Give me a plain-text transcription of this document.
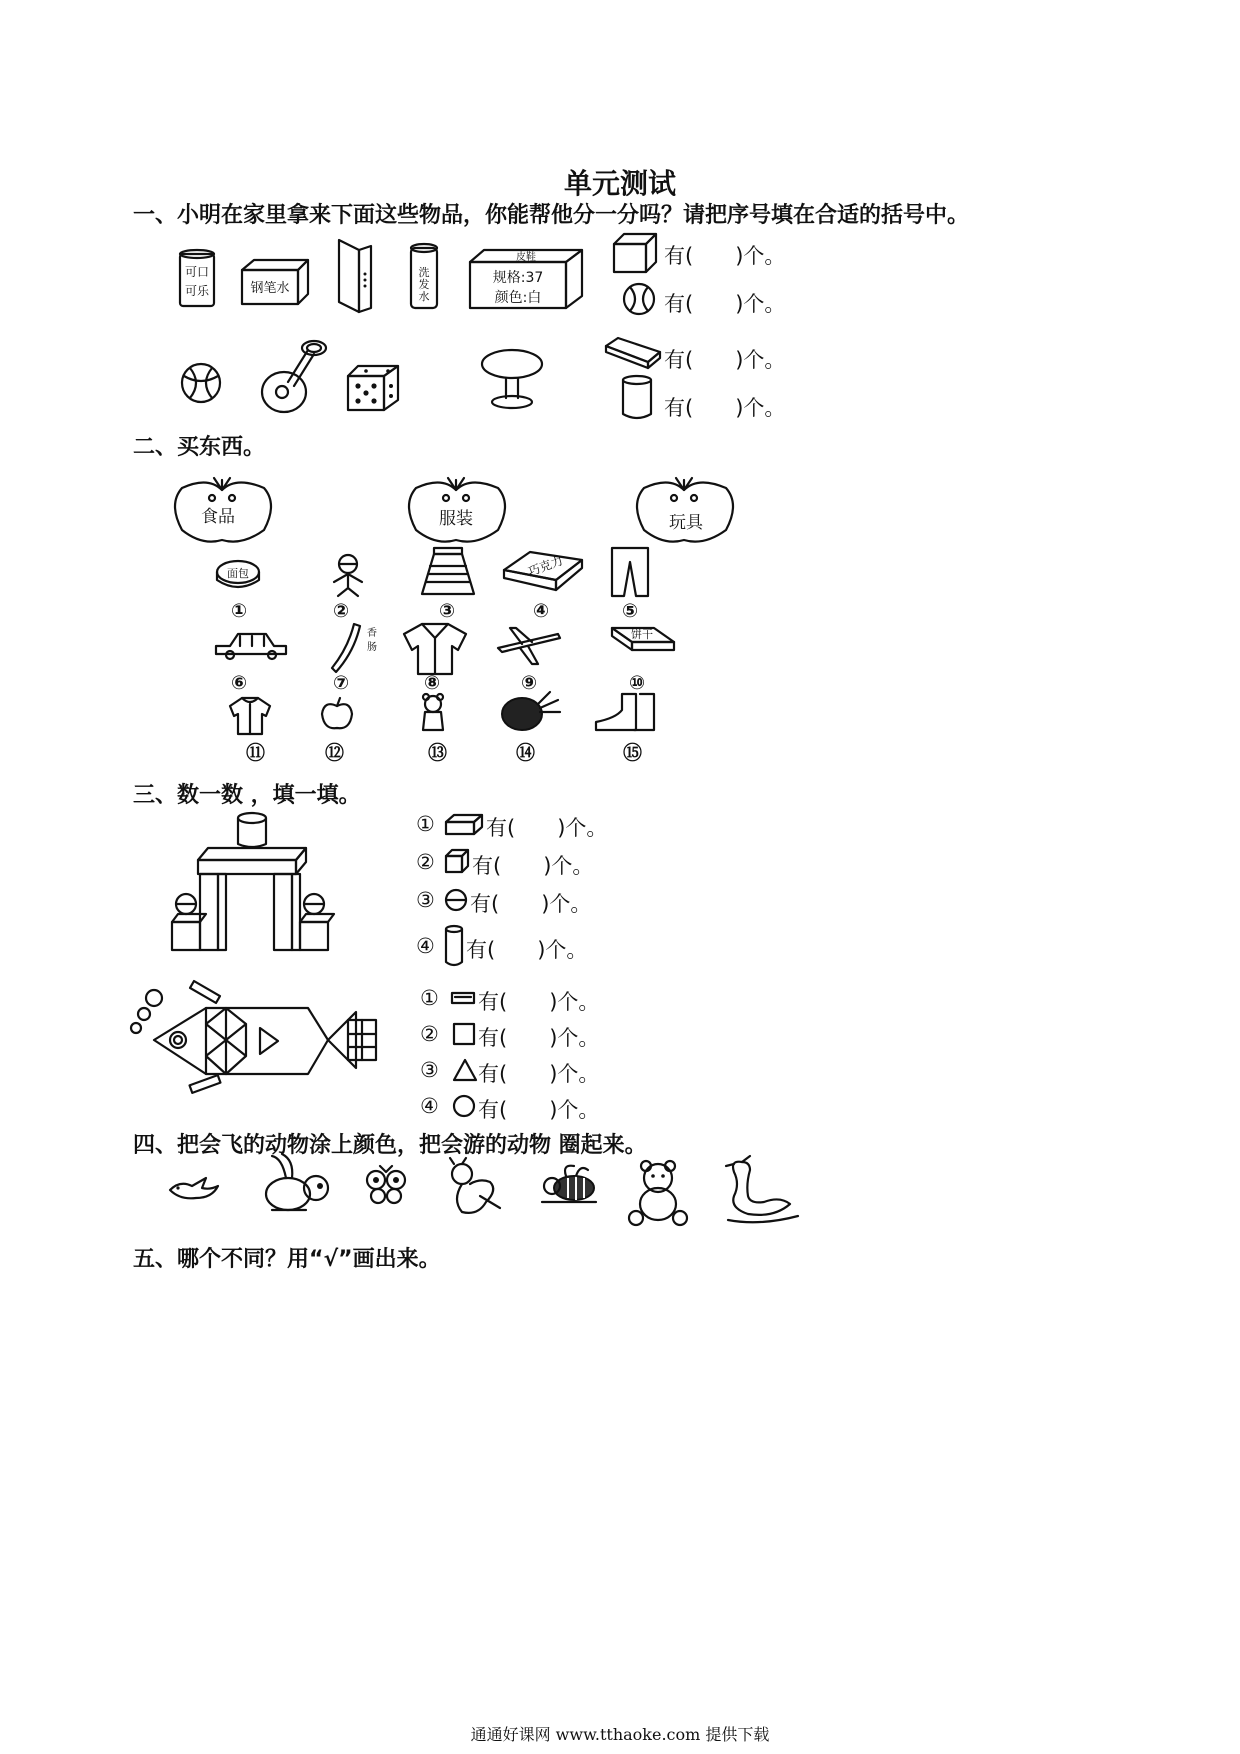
单元测试
一、小明在家里拿来下面这些物品，你能帮他分一分吗？请把序号填在合适的括号中。
可口
可乐	钢笔水
洗
发
水
皮鞋
规格:37
颜色:白
有(　　)个。
有(　　)个。
有(　　)个。
有(　　)个。
二、买东西。
食品	服装	玩具
面包	巧克力
①	②	③	④	⑤
香
肠
饼干
⑥	⑦	⑧	⑨	⑩
⑪	⑫	⑬	⑭	⑮
三、数一数 ，填一填。
① 有(　　)个。
② 有(　　)个。
③ 有(　　)个。
④ 有(　　)个。
① 有(　　)个。
② 有(　　)个。
③ 有(　　)个。
④ 有(　　)个。
四、把会飞的动物涂上颜色，把会游的动物 圈起来。
五、哪个不同？用“√”画出来。
通通好课网 www.tthaoke.com 提供下载
